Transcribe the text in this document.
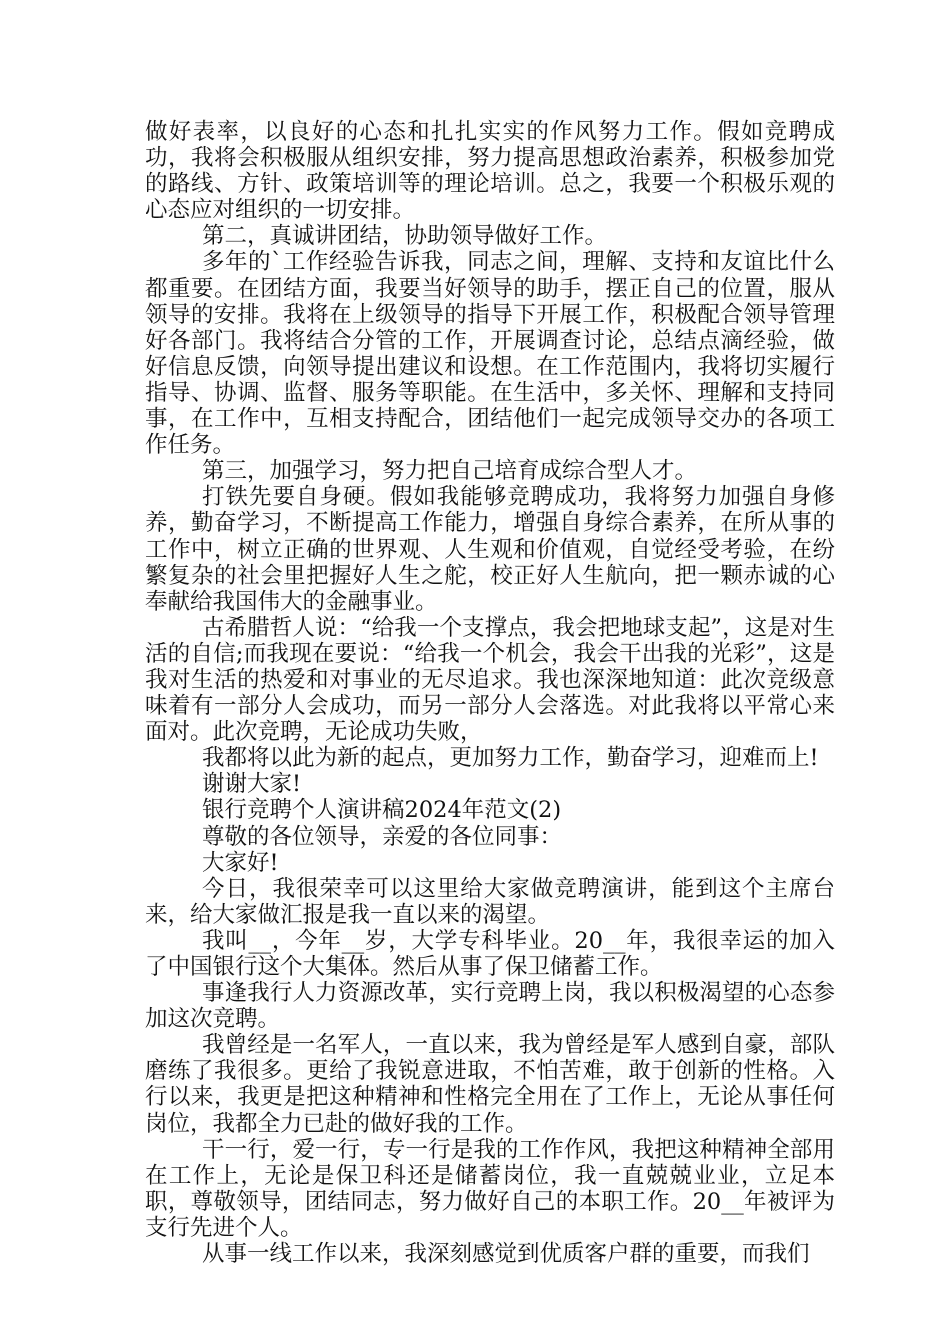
做好表率，以良好的心态和扎扎实实的作风努力工作。假如竞聘成功，我将会积极服从组织安排，努力提高思想政治素养，积极参加党的路线、方针、政策培训等的理论培训。总之，我要一个积极乐观的心态应对组织的一切安排。

第二，真诚讲团结，协助领导做好工作。

多年的`工作经验告诉我，同志之间，理解、支持和友谊比什么都重要。在团结方面，我要当好领导的助手，摆正自己的位置，服从领导的安排。我将在上级领导的指导下开展工作，积极配合领导管理好各部门。我将结合分管的工作，开展调查讨论，总结点滴经验，做好信息反馈，向领导提出建议和设想。在工作范围内，我将切实履行指导、协调、监督、服务等职能。在生活中，多关怀、理解和支持同事，在工作中，互相支持配合，团结他们一起完成领导交办的各项工作任务。

第三，加强学习，努力把自己培育成综合型人才。

打铁先要自身硬。假如我能够竞聘成功，我将努力加强自身修养，勤奋学习，不断提高工作能力，增强自身综合素养，在所从事的工作中，树立正确的世界观、人生观和价值观，自觉经受考验，在纷繁复杂的社会里把握好人生之舵，校正好人生航向，把一颗赤诚的心奉献给我国伟大的金融事业。

古希腊哲人说：“给我一个支撑点，我会把地球支起”，这是对生活的自信;而我现在要说：“给我一个机会，我会干出我的光彩”，这是我对生活的热爱和对事业的无尽追求。我也深深地知道：此次竞级意味着有一部分人会成功，而另一部分人会落选。对此我将以平常心来面对。此次竞聘，无论成功失败，

我都将以此为新的起点，更加努力工作，勤奋学习，迎难而上!

谢谢大家!

银行竞聘个人演讲稿2024年范文(2)

尊敬的各位领导，亲爱的各位同事：

大家好!

今日，我很荣幸可以这里给大家做竞聘演讲，能到这个主席台来，给大家做汇报是我一直以来的渴望。

我叫__，今年__岁，大学专科毕业。20__年，我很幸运的加入了中国银行这个大集体。然后从事了保卫储蓄工作。

事逢我行人力资源改革，实行竞聘上岗，我以积极渴望的心态参加这次竞聘。

我曾经是一名军人，一直以来，我为曾经是军人感到自豪，部队磨练了我很多。更给了我锐意进取，不怕苦难，敢于创新的性格。入行以来，我更是把这种精神和性格完全用在了工作上，无论从事任何岗位，我都全力已赴的做好我的工作。

干一行，爱一行，专一行是我的工作作风，我把这种精神全部用在工作上，无论是保卫科还是储蓄岗位，我一直兢兢业业，立足本职，尊敬领导，团结同志，努力做好自己的本职工作。20__年被评为支行先进个人。

从事一线工作以来，我深刻感觉到优质客户群的重要，而我们
